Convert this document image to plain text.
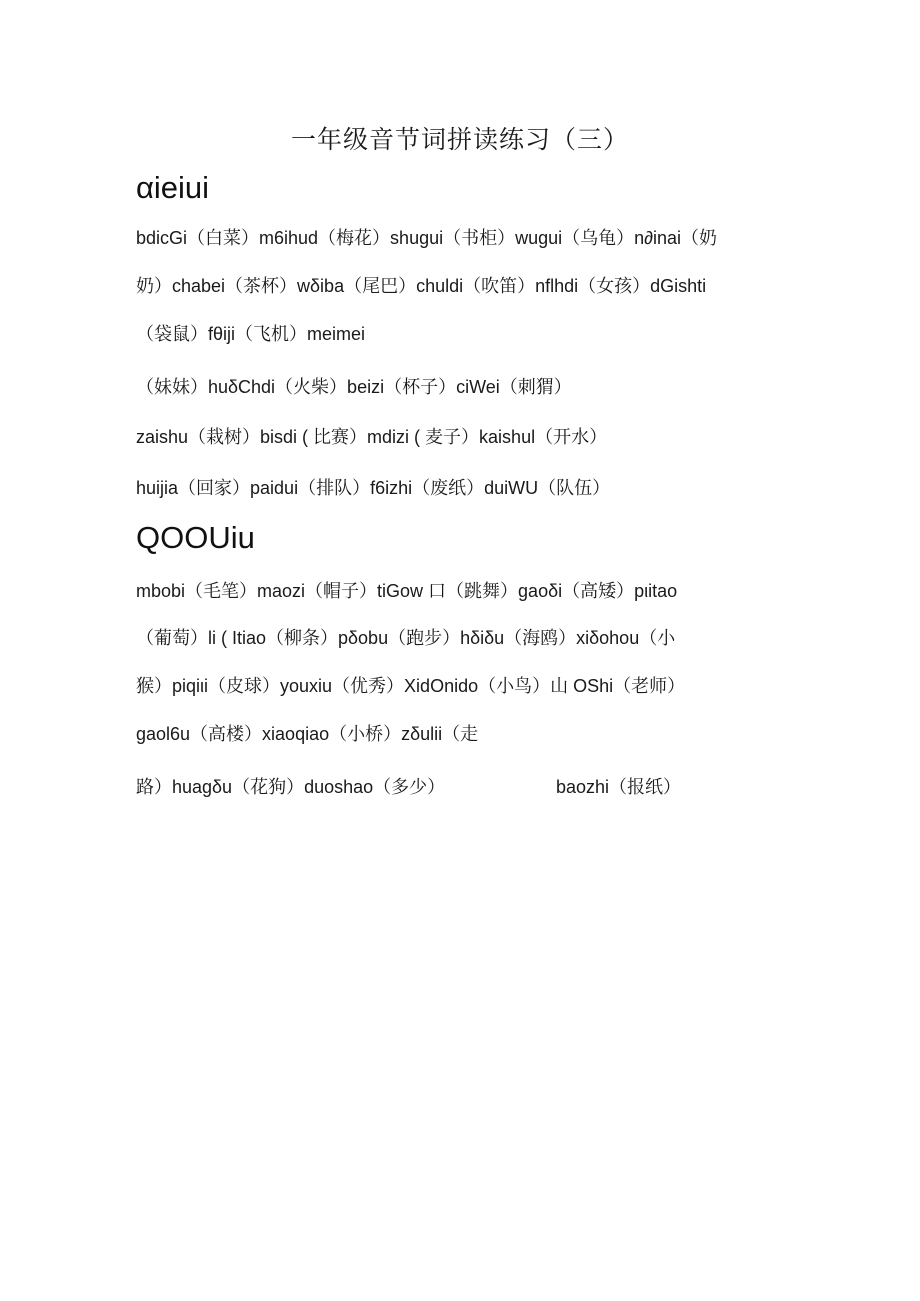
一年级音节词拼读练习（三）
αieiui
bdicGi（白菜）m6ihud（梅花）shugui（书柜）wugui（乌龟）n∂inai（奶
奶）chabei（茶杯）wδiba（尾巴）chuldi（吹笛）nflhdi（女孩）dGishti
（袋鼠）fθiji（飞机）meimei
（妹妹）huδChdi（火柴）beizi（杯子）ciWei（刺猬）
zaishu（栽树）bisdi ( 比赛）mdizi ( 麦子）kaishul（开水）
huijia（回家）paidui（排队）f6izhi（废纸）duiWU（队伍）
QOOUiu
mbobi（毛笔）maozi（帽子）tiGow 口（跳舞）gaoδi（高矮）pιitao
（葡萄）li ( Itiao（柳条）pδobu（跑步）hδiδu（海鸥）xiδohou（小
猴）piqiιi（皮球）youxiu（优秀）XidOnido（小鸟）山 OShi（老师）
gaol6u（高楼）xiaoqiao（小桥）zδulii（走
路）huagδu（花狗）duoshao（多少）	baozhi（报纸）
